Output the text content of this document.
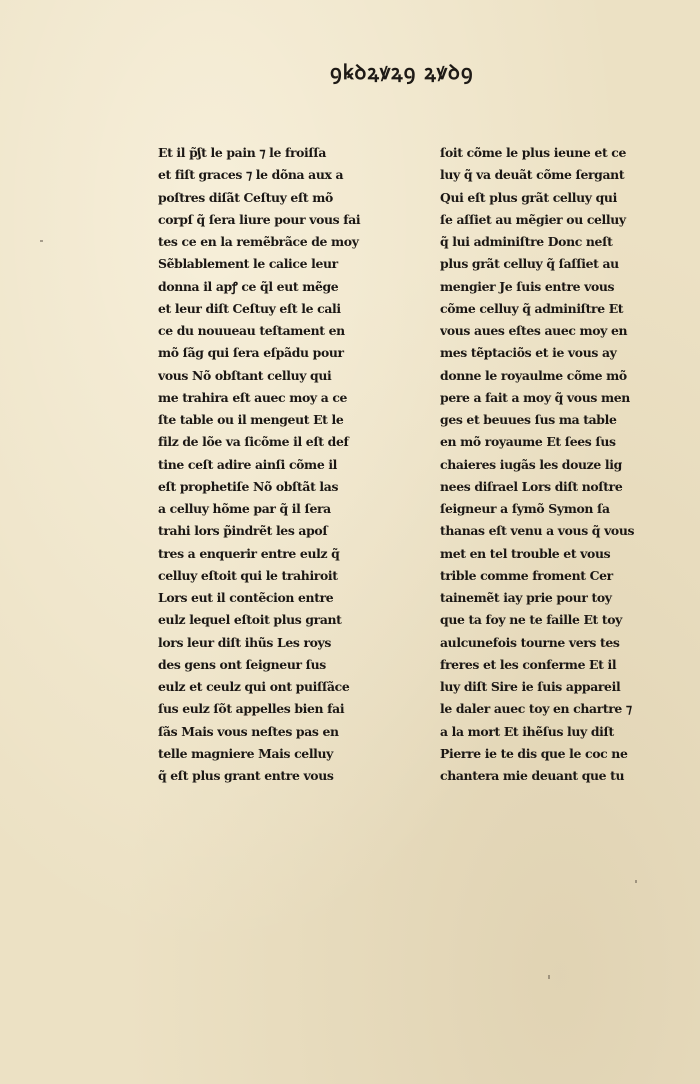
ꝯꝃꝺꝝꝟꝝꝯ ꝝꝟꝺꝯ
Et il p̃ʃt le pain ⁊ le froiſſa
et fiſt graces ⁊ le dõna aux a
poſtres diſãt Ceſtuy eſt mõ
corpſ q̃ ſera liure pour vous fai
tes ce en la remẽbrãce de moy
Sẽblablement le calice leur
donna il apꝭ ce q̃l eut mẽge
et leur diſt Ceſtuy eſt le cali
ce du nouueau teſtament en
mõ ſãg qui ſera eſpãdu pour
vous Nõ obſtant celluy qui
me trahira eſt auec moy a ce
ſte table ou il mengeut Et le
filz de lõe va ſicõme il eſt def
tine ceſt adire ainſi cõme il
eſt prophetiſe Nõ obſtãt las
a celluy hõme par q̃ il ſera
trahi lors p̃indrẽt les apoſ
tres a enquerir entre eulz q̃
celluy eſtoit qui le trahiroit
Lors eut il contẽcion entre
eulz lequel eſtoit plus grant
lors leur diſt ihũs Les roys
des gens ont ſeigneur ſus
eulz et ceulz qui ont puiſſãce
ſus eulz ſõt appelles bien fai
ſãs Mais vous neſtes pas en
telle magniere Mais celluy
q̃ eſt plus grant entre vous
ſoit cõme le plus ieune et ce
luy q̃ va deuãt cõme ſergant
Qui eſt plus grãt celluy qui
ſe aſſiet au mẽgier ou celluy
q̃ lui adminiſtre Donc neſt
plus grãt celluy q̃ ſaſſiet au
mengier Je ſuis entre vous
cõme celluy q̃ adminiſtre Et
vous aues eſtes auec moy en
mes tẽptaciõs et ie vous ay
donne le royaulme cõme mõ
pere a fait a moy q̃ vous men
ges et beuues ſus ma table
en mõ royaume Et ſees ſus
chaieres iugãs les douze lig
nees diſrael Lors diſt noſtre
ſeigneur a ſymõ Symon ſa
thanas eſt venu a vous q̃ vous
met en tel trouble et vous
trible comme froment Cer
tainemẽt iay prie pour toy
que ta foy ne te faille Et toy
aulcunefois tourne vers tes
freres et les conferme Et il
luy diſt Sire ie ſuis appareil
le daler auec toy en chartre ⁊
a la mort Et ihẽſus luy diſt
Pierre ie te dis que le coc ne
chantera mie deuant que tu
